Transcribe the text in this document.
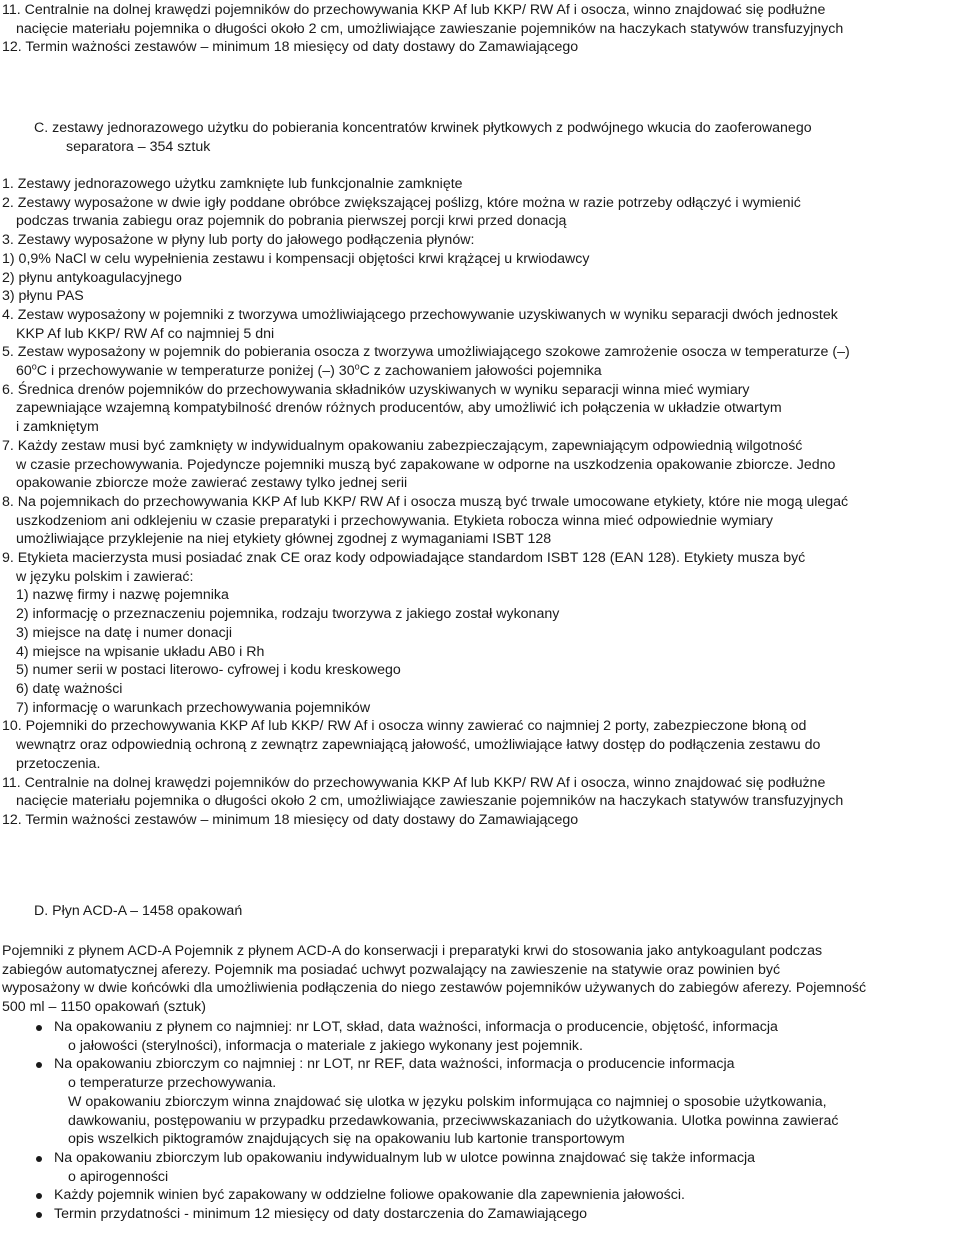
11. Centralnie na dolnej krawędzi pojemników do przechowywania KKP Af lub KKP/ RW Af i osocza, winno znajdować się podłużne

nacięcie materiału pojemnika o długości około 2 cm, umożliwiające zawieszanie pojemników na haczykach statywów transfuzyjnych

12. Termin ważności zestawów – minimum 18 miesięcy od daty dostawy do Zamawiającego

C. zestawy jednorazowego użytku do pobierania koncentratów krwinek płytkowych z podwójnego wkucia do zaoferowanego

separatora – 354 sztuk

1. Zestawy jednorazowego użytku zamknięte lub funkcjonalnie zamknięte

2. Zestawy wyposażone w dwie igły poddane obróbce zwiększającej poślizg, które można w razie potrzeby odłączyć i wymienić

podczas trwania zabiegu oraz pojemnik do pobrania pierwszej porcji krwi przed donacją

3. Zestawy wyposażone w płyny lub porty do jałowego podłączenia płynów:

1) 0,9% NaCl w celu wypełnienia zestawu i kompensacji objętości krwi krążącej u krwiodawcy

2) płynu antykoagulacyjnego

3) płynu PAS

4. Zestaw wyposażony w pojemniki z tworzywa umożliwiającego przechowywanie uzyskiwanych w wyniku separacji dwóch jednostek

KKP Af lub KKP/ RW Af co najmniej 5 dni

5. Zestaw wyposażony w pojemnik do pobierania osocza z tworzywa umożliwiającego szokowe zamrożenie osocza w temperaturze (–)

60$^o$C i przechowywanie w temperaturze poniżej (–) 30$^o$C z zachowaniem jałowości pojemnika

6. Średnica drenów pojemników do przechowywania składników uzyskiwanych w wyniku separacji winna mieć wymiary

zapewniające wzajemną kompatybilność drenów różnych producentów, aby umożliwić ich połączenia w układzie otwartym

i zamkniętym

7. Każdy zestaw musi być zamknięty w indywidualnym opakowaniu zabezpieczającym, zapewniającym odpowiednią wilgotność

w czasie przechowywania. Pojedyncze pojemniki muszą być zapakowane w odporne na uszkodzenia opakowanie zbiorcze. Jedno

opakowanie zbiorcze może zawierać zestawy tylko jednej serii

8. Na pojemnikach do przechowywania KKP Af lub KKP/ RW Af i osocza muszą być trwale umocowane etykiety, które nie mogą ulegać

uszkodzeniom ani odklejeniu w czasie preparatyki i przechowywania. Etykieta robocza winna mieć odpowiednie wymiary

umożliwiające przyklejenie na niej etykiety głównej zgodnej z wymaganiami ISBT 128

9. Etykieta macierzysta musi posiadać znak CE oraz kody odpowiadające standardom ISBT 128 (EAN 128). Etykiety musza być

w języku polskim i zawierać:

1) nazwę firmy i nazwę pojemnika

2) informację o przeznaczeniu pojemnika, rodzaju tworzywa z jakiego został wykonany

3) miejsce na datę i numer donacji

4) miejsce na wpisanie układu AB0 i Rh

5) numer serii w postaci literowo- cyfrowej i kodu kreskowego

6) datę ważności

7) informację o warunkach przechowywania pojemników

10. Pojemniki do przechowywania KKP Af lub KKP/ RW Af i osocza winny zawierać co najmniej 2 porty, zabezpieczone błoną od

wewnątrz oraz odpowiednią ochroną z zewnątrz zapewniającą jałowość, umożliwiające łatwy dostęp do podłączenia zestawu do

przetoczenia.

11. Centralnie na dolnej krawędzi pojemników do przechowywania KKP Af lub KKP/ RW Af i osocza, winno znajdować się podłużne

nacięcie materiału pojemnika o długości około 2 cm, umożliwiające zawieszanie pojemników na haczykach statywów transfuzyjnych

12. Termin ważności zestawów – minimum 18 miesięcy od daty dostawy do Zamawiającego

D. Płyn ACD-A – 1458 opakowań

Pojemniki z płynem ACD-A Pojemnik z płynem ACD-A do konserwacji i preparatyki krwi do stosowania jako antykoagulant podczas

zabiegów automatycznej aferezy. Pojemnik ma posiadać uchwyt pozwalający na zawieszenie na statywie oraz powinien być

wyposażony w dwie końcówki dla umożliwienia podłączenia do niego zestawów pojemników używanych do zabiegów aferezy. Pojemność

500 ml – 1150 opakowań (sztuk)

Na opakowaniu z płynem co najmniej: nr LOT, skład, data ważności, informacja o producencie, objętość, informacja

o jałowości (sterylności), informacja o materiale z jakiego wykonany jest pojemnik.

Na opakowaniu zbiorczym co najmniej : nr LOT, nr REF, data ważności, informacja o producencie informacja

o temperaturze przechowywania.

W opakowaniu zbiorczym winna znajdować się ulotka w języku polskim informująca co najmniej o sposobie użytkowania,

dawkowaniu, postępowaniu w przypadku przedawkowania, przeciwwskazaniach do użytkowania. Ulotka powinna zawierać

opis wszelkich piktogramów znajdujących się na opakowaniu lub kartonie transportowym

Na opakowaniu zbiorczym lub opakowaniu indywidualnym lub w ulotce powinna znajdować się także informacja

o apirogenności

Każdy pojemnik winien być zapakowany w oddzielne foliowe opakowanie dla zapewnienia jałowości.

Termin przydatności - minimum 12 miesięcy od daty dostarczenia do Zamawiającego
